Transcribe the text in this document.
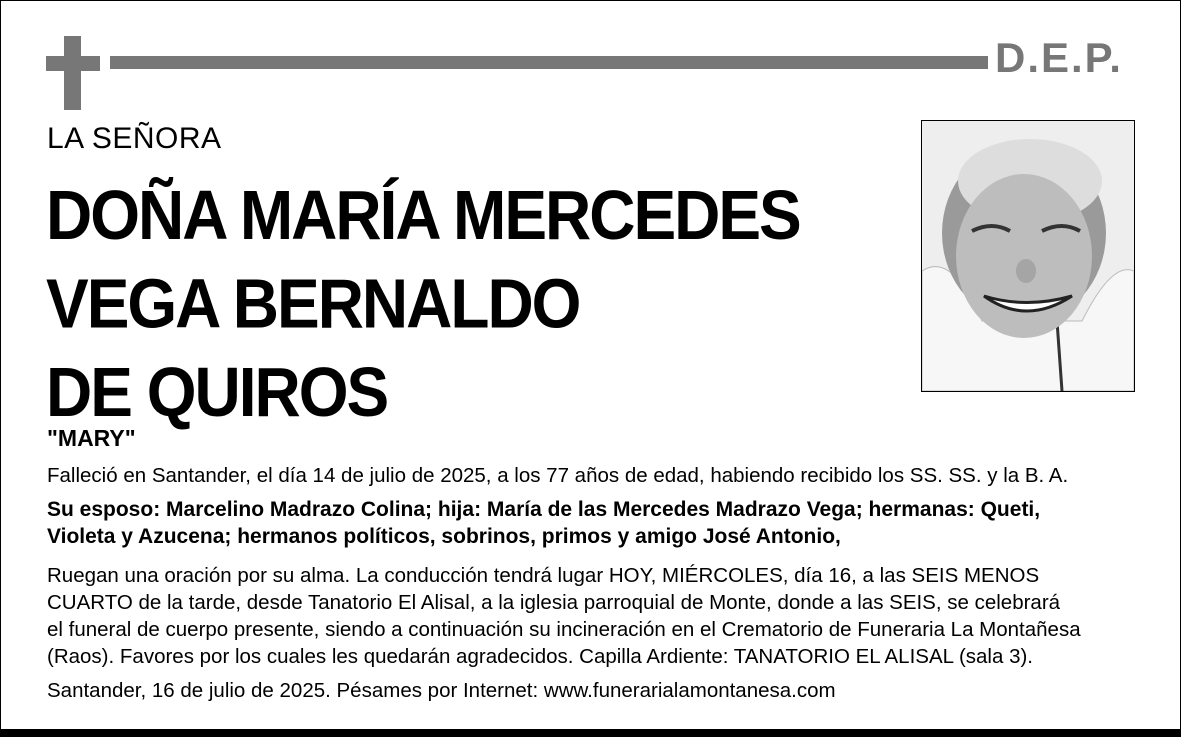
D.E.P.
LA SEÑORA
DOÑA MARÍA MERCEDES
VEGA BERNALDO
DE QUIROS
"MARY"
Falleció en Santander, el día 14 de julio de 2025, a los 77 años de edad, habiendo recibido los SS. SS. y la B. A.
Su esposo: Marcelino Madrazo Colina; hija: María de las Mercedes Madrazo Vega; hermanas: Queti,
Violeta y Azucena; hermanos políticos, sobrinos, primos y amigo José Antonio,
Ruegan una oración por su alma. La conducción tendrá lugar HOY, MIÉRCOLES, día 16, a las SEIS MENOS
CUARTO de la tarde, desde Tanatorio El Alisal, a la iglesia parroquial de Monte, donde a las SEIS, se celebrará
el funeral de cuerpo presente, siendo a continuación su incineración en el Crematorio de Funeraria La Montañesa
(Raos). Favores por los cuales les quedarán agradecidos. Capilla Ardiente: TANATORIO EL ALISAL (sala 3).
Santander, 16 de julio de 2025. Pésames por Internet: www.funerarialamontanesa.com
